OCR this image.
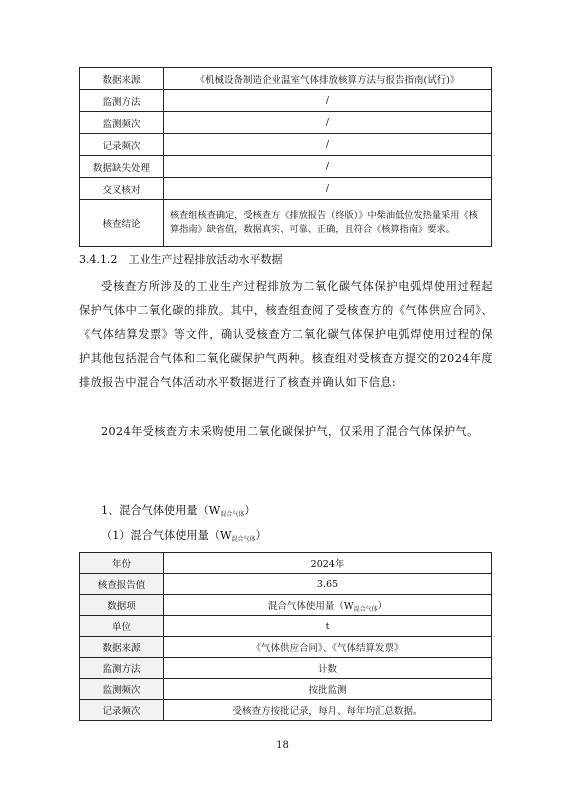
数据来源	《机械设备制造企业温室气体排放核算方法与报告指南(试行)》
监测方法	/
监测频次	/
记录频次	/
数据缺失处理	/
交叉核对	/
核查结论	核查组核查确定，受核查方《排放报告（终版）》中柴油低位发热量采用《核算指南》缺省值，数据真实、可靠、正确，且符合《核算指南》要求。
3.4.1.2　工业生产过程排放活动水平数据
受核查方所涉及的工业生产过程排放为二氧化碳气体保护电弧焊使用过程起保护气体中二氧化碳的排放。其中，核查组查阅了受核查方的《气体供应合同》、《气体结算发票》等文件，确认受核查方二氧化碳气体保护电弧焊使用过程的保护其他包括混合气体和二氧化碳保护气两种。核查组对受核查方提交的2024年度排放报告中混合气体活动水平数据进行了核查并确认如下信息:
2024年受核查方未采购使用二氧化碳保护气，仅采用了混合气体保护气。
1、混合气体使用量$(W_{混合气体})$
（1）混合气体使用量$(W_{混合气体})$
年份	2024年
核查报告值	3.65
数据项	混合气体使用量$(W_{混合气体})$
单位	t
数据来源	《气体供应合同》、《气体结算发票》
监测方法	计数
监测频次	按批监测
记录频次	受核查方按批记录，每月、每年均汇总数据。
18
